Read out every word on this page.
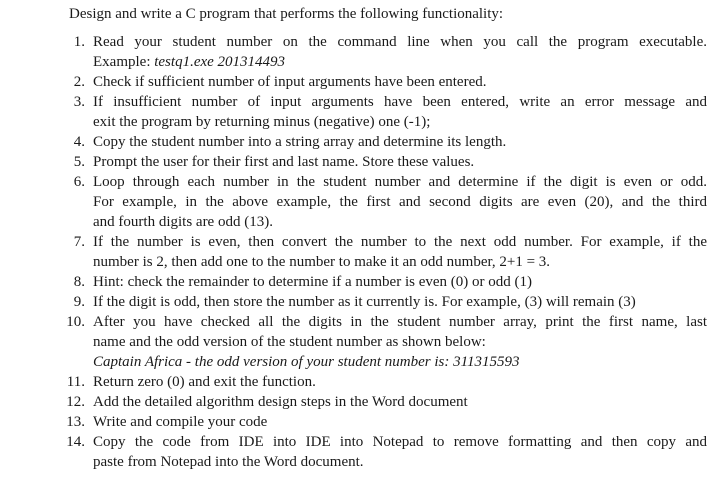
Design and write a C program that performs the following functionality:

1. Read your student number on the command line when you call the program executable.
Example: testq1.exe 201314493
2. Check if sufficient number of input arguments have been entered.
3. If insufficient number of input arguments have been entered, write an error message and
exit the program by returning minus (negative) one (-1);
4. Copy the student number into a string array and determine its length.
5. Prompt the user for their first and last name. Store these values.
6. Loop through each number in the student number and determine if the digit is even or odd.
For example, in the above example, the first and second digits are even (20), and the third
and fourth digits are odd (13).
7. If the number is even, then convert the number to the next odd number. For example, if the
number is 2, then add one to the number to make it an odd number, 2+1 = 3.
8. Hint: check the remainder to determine if a number is even (0) or odd (1)
9. If the digit is odd, then store the number as it currently is. For example, (3) will remain (3)
10. After you have checked all the digits in the student number array, print the first name, last
name and the odd version of the student number as shown below:
Captain Africa - the odd version of your student number is: 311315593
11. Return zero (0) and exit the function.
12. Add the detailed algorithm design steps in the Word document
13. Write and compile your code
14. Copy the code from IDE into IDE into Notepad to remove formatting and then copy and
paste from Notepad into the Word document.
